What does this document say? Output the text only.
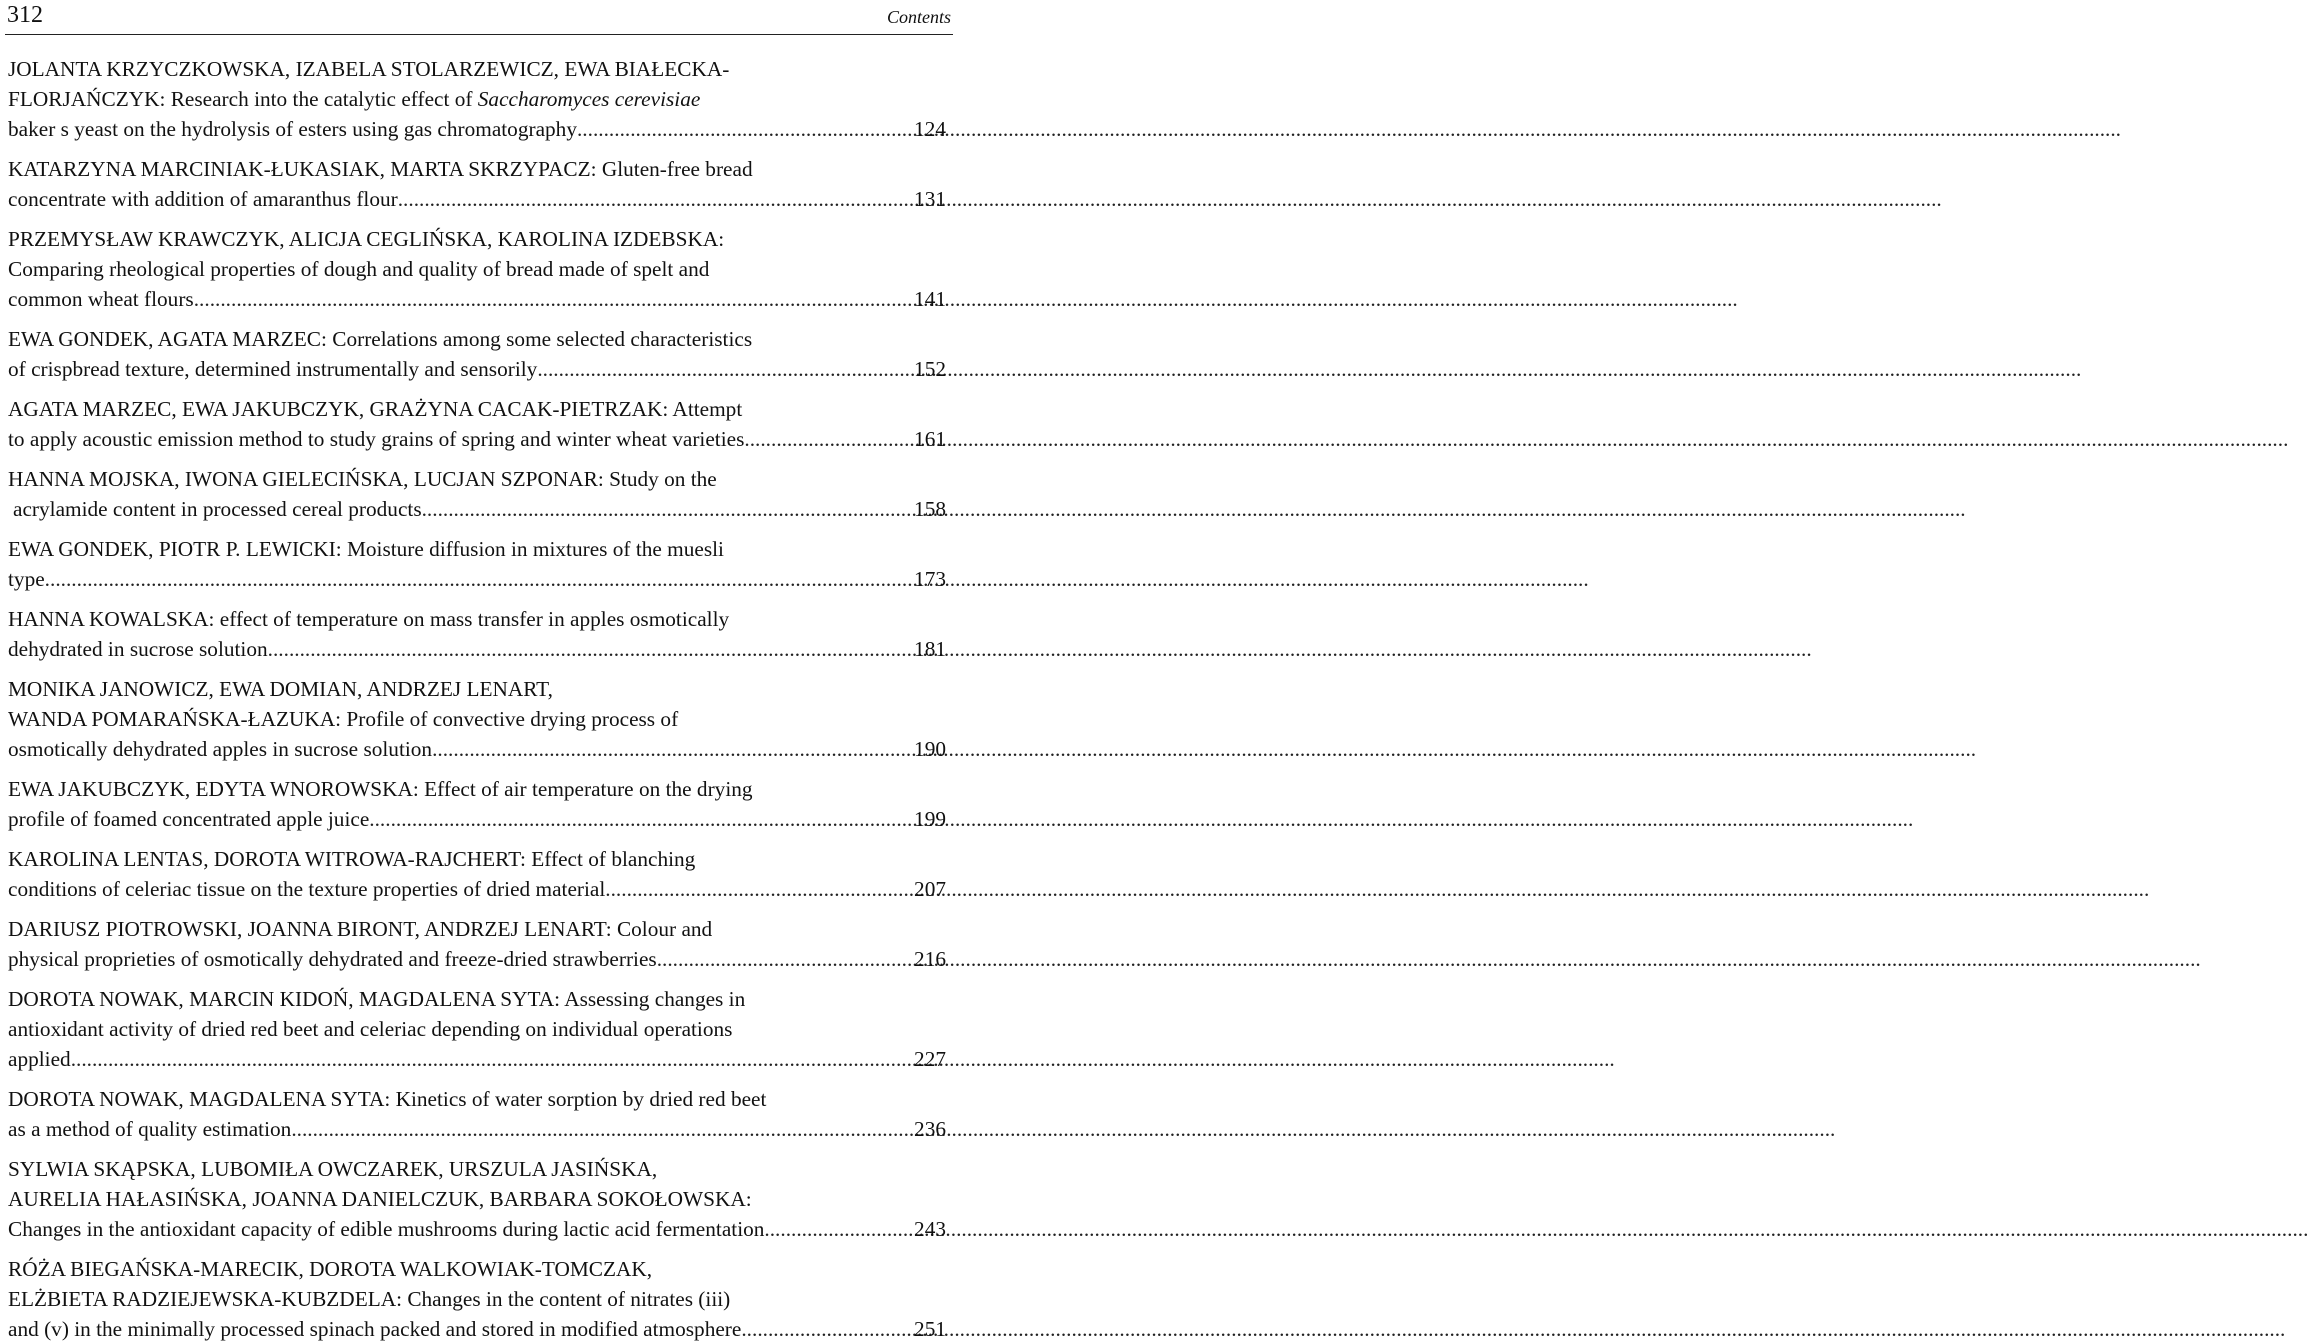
312	Contents
JOLANTA KRZYCZKOWSKA, IZABELA STOLARZEWICZ, EWA BIAŁECKA-
FLORJAŃCZYK: Research into the catalytic effect of Saccharomyces cerevisiae
baker s yeast on the hydrolysis of esters using gas chromatography .....	124
KATARZYNA MARCINIAK-ŁUKASIAK, MARTA SKRZYPACZ: Gluten-free bread
concentrate with addition of amaranthus flour .....	131
PRZEMYSŁAW KRAWCZYK, ALICJA CEGLIŃSKA, KAROLINA IZDEBSKA:
Comparing rheological properties of dough and quality of bread made of spelt and
common wheat flours .....	141
EWA GONDEK, AGATA MARZEC: Correlations among some selected characteristics
of crispbread texture, determined instrumentally and sensorily .....	152
AGATA MARZEC, EWA JAKUBCZYK, GRAŻYNA CACAK-PIETRZAK: Attempt
to apply acoustic emission method to study grains of spring and winter wheat varieties .....	161
HANNA MOJSKA, IWONA GIELECIŃSKA, LUCJAN SZPONAR: Study on the
acrylamide content in processed cereal products .....	158
EWA GONDEK, PIOTR P. LEWICKI: Moisture diffusion in mixtures of the muesli
type .....	173
HANNA KOWALSKA: effect of temperature on mass transfer in apples osmotically
dehydrated in sucrose solution .....	181
MONIKA JANOWICZ, EWA DOMIAN, ANDRZEJ LENART,
WANDA POMARAŃSKA-ŁAZUKA: Profile of convective drying process of
osmotically dehydrated apples in sucrose solution .....	190
EWA JAKUBCZYK, EDYTA WNOROWSKA: Effect of air temperature on the drying
profile of foamed concentrated apple juice .....	199
KAROLINA LENTAS, DOROTA WITROWA-RAJCHERT: Effect of blanching
conditions of celeriac tissue on the texture properties of dried material .....	207
DARIUSZ PIOTROWSKI, JOANNA BIRONT, ANDRZEJ LENART: Colour and
physical proprieties of osmotically dehydrated and freeze-dried strawberries .....	216
DOROTA NOWAK, MARCIN KIDOŃ, MAGDALENA SYTA: Assessing changes in
antioxidant activity of dried red beet and celeriac depending on individual operations
applied .....	227
DOROTA NOWAK, MAGDALENA SYTA: Kinetics of water sorption by dried red beet
as a method of quality estimation .....	236
SYLWIA SKĄPSKA, LUBOMIŁA OWCZAREK, URSZULA JASIŃSKA,
AURELIA HAŁASIŃSKA, JOANNA DANIELCZUK, BARBARA SOKOŁOWSKA:
Changes in the antioxidant capacity of edible mushrooms during lactic acid fermentation .....	243
RÓŻA BIEGAŃSKA-MARECIK, DOROTA WALKOWIAK-TOMCZAK,
ELŻBIETA RADZIEJEWSKA-KUBZDELA: Changes in the content of nitrates (iii)
and (v) in the minimally processed spinach packed and stored in modified atmosphere .....	251
